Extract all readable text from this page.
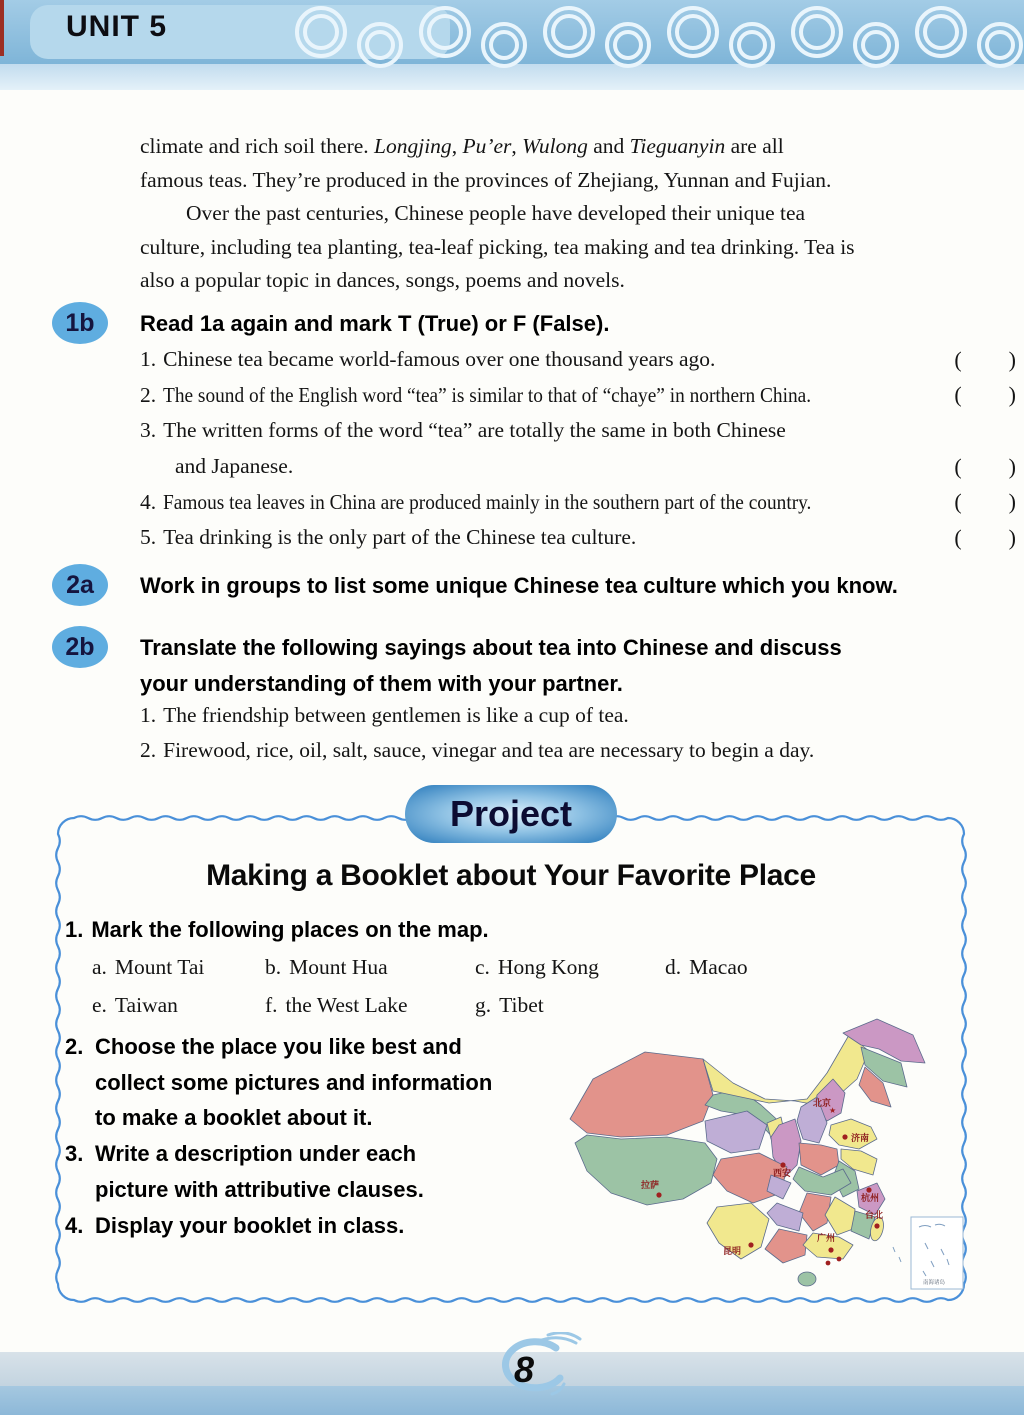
UNIT 5

climate and rich soil there. Longjing, Pu’er, Wulong and Tieguanyin are all
famous teas. They’re produced in the provinces of Zhejiang, Yunnan and Fujian.

Over the past centuries, Chinese people have developed their unique tea
culture, including tea planting, tea-leaf picking, tea making and tea drinking. Tea is
also a popular topic in dances, songs, poems and novels.

1b	Read 1a again and mark T (True) or F (False).
1. Chinese tea became world-famous over one thousand years ago.	(      )
2. The sound of the English word “tea” is similar to that of “chaye” in northern China.	(      )
3. The written forms of the word “tea” are totally the same in both Chinese
and Japanese.	(      )
4. Famous tea leaves in China are produced mainly in the southern part of the country.	(      )
5. Tea drinking is the only part of the Chinese tea culture.	(      )
2a	Work in groups to list some unique Chinese tea culture which you know.
2b	Translate the following sayings about tea into Chinese and discuss
your understanding of them with your partner.
1. The friendship between gentlemen is like a cup of tea.
2. Firewood, rice, oil, salt, sauce, vinegar and tea are necessary to begin a day.
Project
Making a Booklet about Your Favorite Place
1. Mark the following places on the map.
a. Mount Tai	b. Mount Hua	c. Hong Kong	d. Macao
e. Taiwan	f. the West Lake	g. Tibet
2. Choose the place you like best and
collect some pictures and information
to make a booklet about it.
3. Write a description under each
picture with attributive clauses.
4. Display your booklet in class.
南海诸岛
★
北京
济南
西安
拉萨
杭州
昆明
台北
广州
8
